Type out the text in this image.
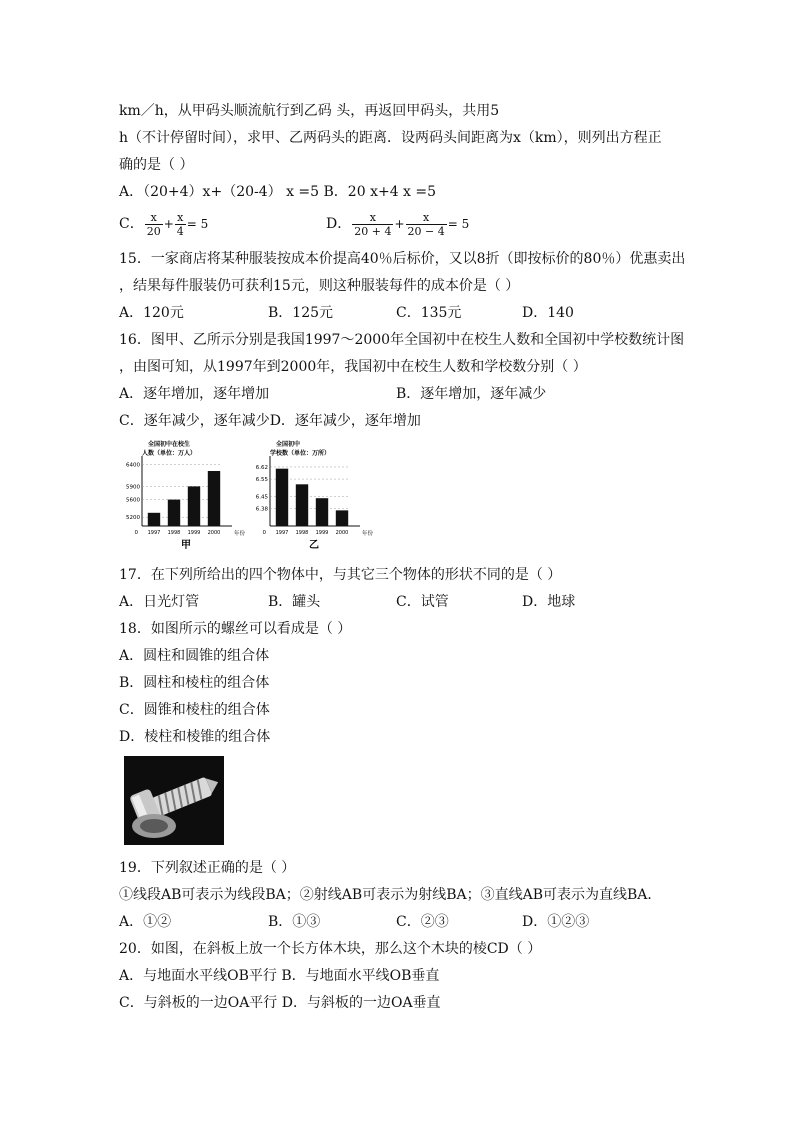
km／h，从甲码头顺流航行到乙码 头，再返回甲码头，共用5
h（不计停留时间），求甲、乙两码头的距离．设两码头间距离为x（km），则列出方程正
确的是（ ）
A．（20+4）x+（20-4） x =5 B．20 x+4 x =5
C． $\frac{x}{20} + \frac{x}{4} = 5$	D． $\frac{x}{20 + 4} + \frac{x}{20 - 4} = 5$
15．一家商店将某种服装按成本价提高40％后标价，又以8折（即按标价的80％）优惠卖出
，结果每件服装仍可获利15元，则这种服装每件的成本价是（ ）
A．120元	B．125元	C．135元	D．140
16．图甲、乙所示分别是我国1997～2000年全国初中在校生人数和全国初中学校数统计图
，由图可知，从1997年到2000年，我国初中在校生人数和学校数分别（ ）
A．逐年增加，逐年增加	B．逐年增加，逐年减少
C．逐年减少，逐年减少D．逐年减少，逐年增加
全国初中在校生
人数（单位：万人）
6400
5900
5600
5200
0 1997 1998 1999 2000 年份
甲
全国初中
学校数（单位：万所）
6.62
6.55
6.45
6.38
0 1997 1998 1999 2000 年份
乙
17．在下列所给出的四个物体中，与其它三个物体的形状不同的是（ ）
A．日光灯管	B．罐头	C．试管	D．地球
18．如图所示的螺丝可以看成是（ ）
A．圆柱和圆锥的组合体
B．圆柱和棱柱的组合体
C．圆锥和棱柱的组合体
D．棱柱和棱锥的组合体
19．下列叙述正确的是（ ）
①线段AB可表示为线段BA；②射线AB可表示为射线BA；③直线AB可表示为直线BA．
A．①②	B．①③	C．②③	D．①②③
20．如图，在斜板上放一个长方体木块，那么这个木块的棱CD（ ）
A．与地面水平线OB平行 B．与地面水平线OB垂直
C．与斜板的一边OA平行 D．与斜板的一边OA垂直
